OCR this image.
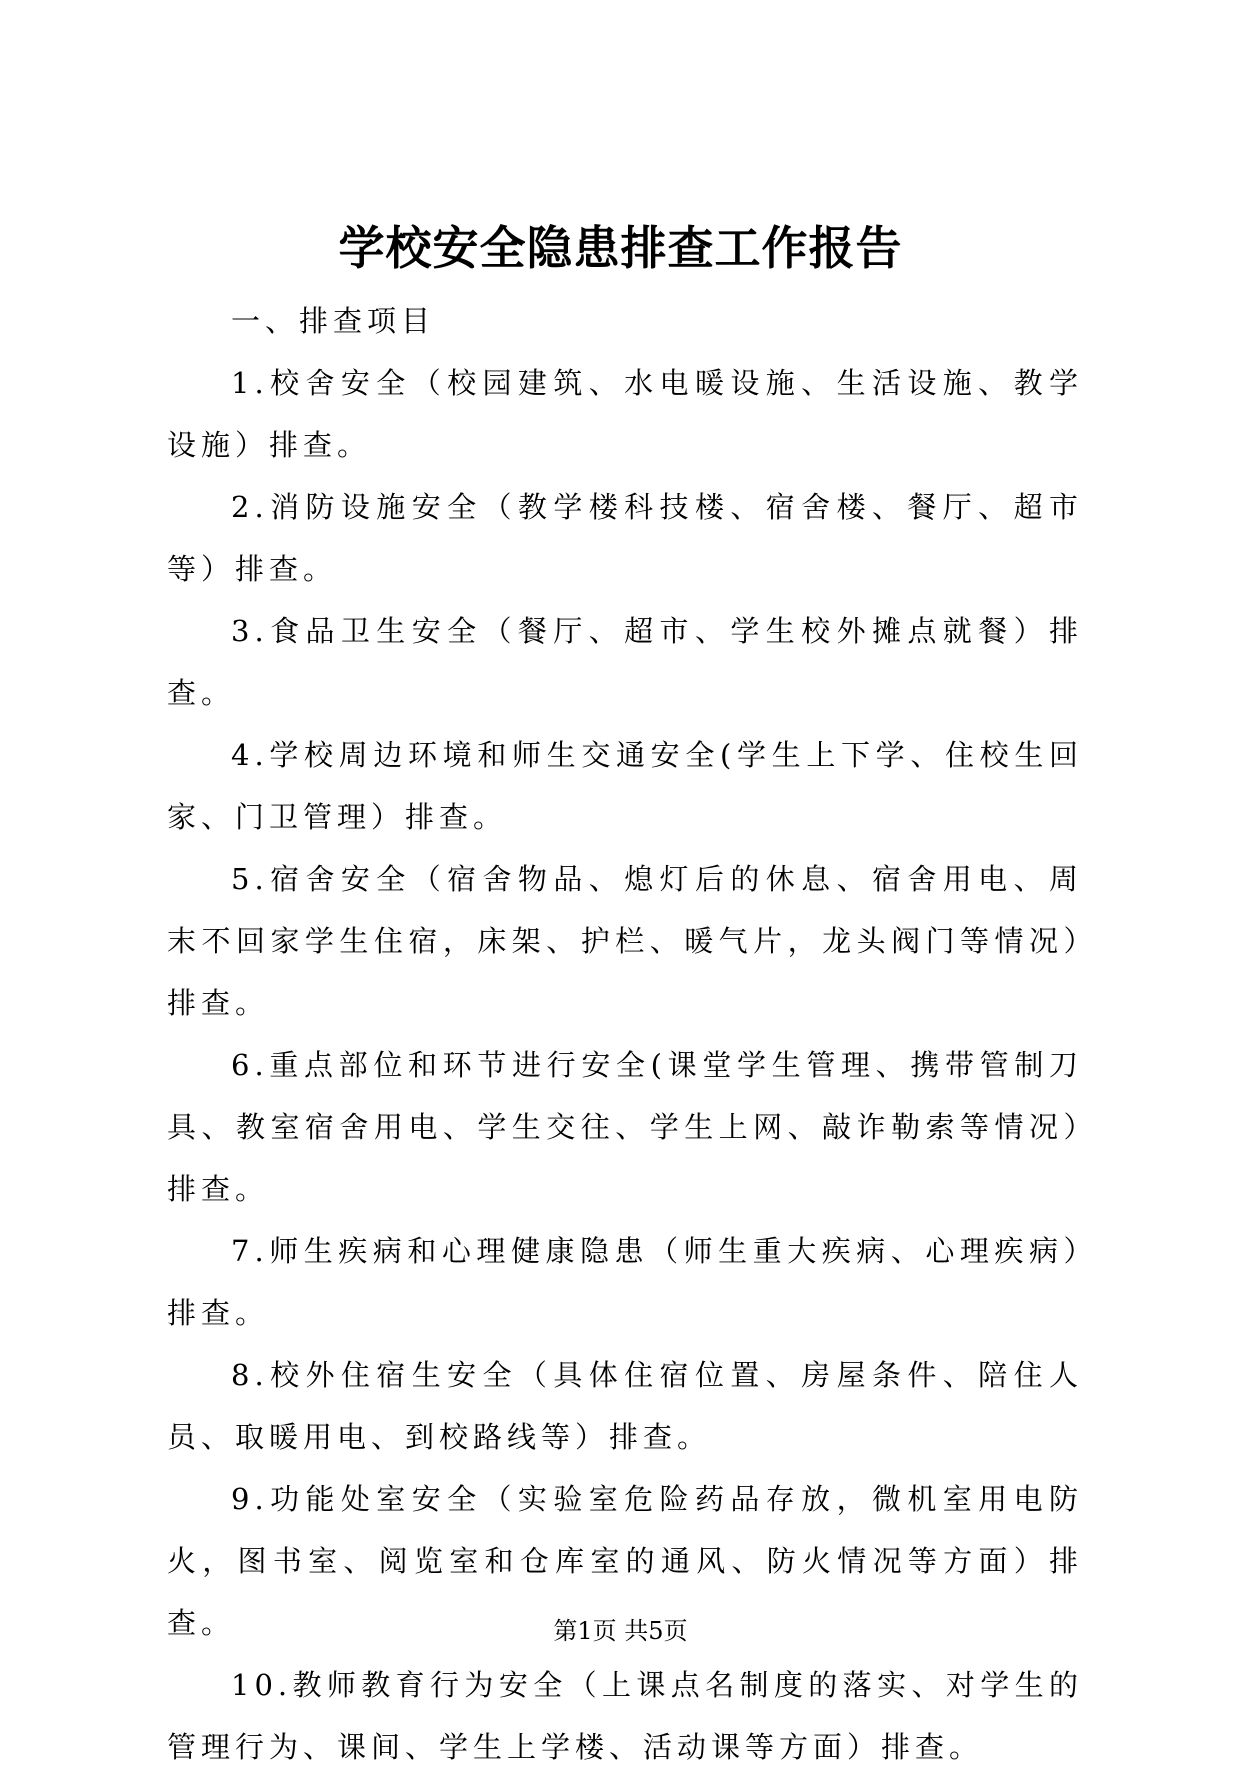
学校安全隐患排查工作报告

一、排查项目

1.校舍安全（校园建筑、水电暖设施、生活设施、教学设施）排查。

2.消防设施安全（教学楼科技楼、宿舍楼、餐厅、超市等）排查。

3.食品卫生安全（餐厅、超市、学生校外摊点就餐）排查。

4.学校周边环境和师生交通安全(学生上下学、住校生回家、门卫管理）排查。

5.宿舍安全（宿舍物品、熄灯后的休息、宿舍用电、周末不回家学生住宿，床架、护栏、暖气片，龙头阀门等情况）排查。

6.重点部位和环节进行安全(课堂学生管理、携带管制刀具、教室宿舍用电、学生交往、学生上网、敲诈勒索等情况）排查。

7.师生疾病和心理健康隐患（师生重大疾病、心理疾病）排查。

8.校外住宿生安全（具体住宿位置、房屋条件、陪住人员、取暖用电、到校路线等）排查。

9.功能处室安全（实验室危险药品存放，微机室用电防火，图书室、阅览室和仓库室的通风、防火情况等方面）排查。

10.教师教育行为安全（上课点名制度的落实、对学生的管理行为、课间、学生上学楼、活动课等方面）排查。

第1页 共5页
